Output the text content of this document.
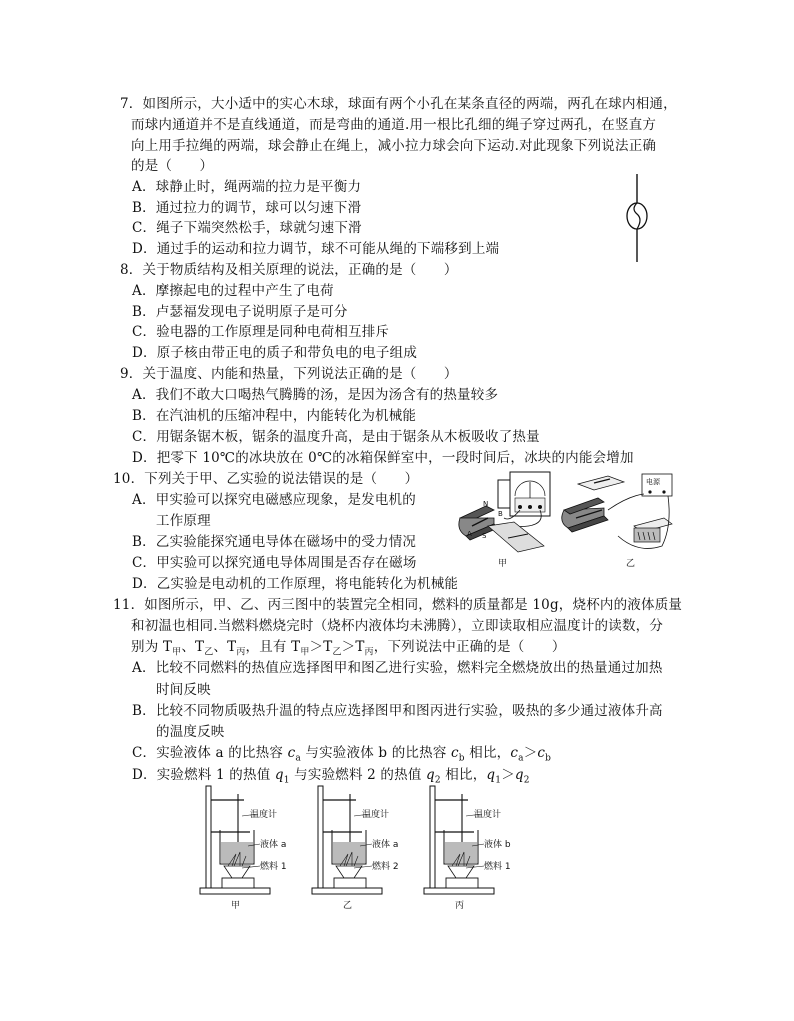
7．如图所示，大小适中的实心木球，球面有两个小孔在某条直径的两端，两孔在球内相通，
而球内通道并不是直线通道，而是弯曲的通道.用一根比孔细的绳子穿过两孔，在竖直方
向上用手拉绳的两端，球会静止在绳上，减小拉力球会向下运动.对此现象下列说法正确
的是（　　）
A．球静止时，绳两端的拉力是平衡力
B．通过拉力的调节，球可以匀速下滑
C．绳子下端突然松手，球就匀速下滑
D．通过手的运动和拉力调节，球不可能从绳的下端移到上端
8．关于物质结构及相关原理的说法，正确的是（　　）
A．摩擦起电的过程中产生了电荷
B．卢瑟福发现电子说明原子是可分
C．验电器的工作原理是同种电荷相互排斥
D．原子核由带正电的质子和带负电的电子组成
9．关于温度、内能和热量，下列说法正确的是（　　）
A．我们不敢大口喝热气腾腾的汤，是因为汤含有的热量较多
B．在汽油机的压缩冲程中，内能转化为机械能
C．用锯条锯木板，锯条的温度升高，是由于锯条从木板吸收了热量
D．把零下 10℃的冰块放在 0℃的冰箱保鲜室中，一段时间后，冰块的内能会增加
10．下列关于甲、乙实验的说法错误的是（　　）
A．甲实验可以探究电磁感应现象，是发电机的
工作原理
B．乙实验能探究通电导体在磁场中的受力情况
C．甲实验可以探究通电导体周围是否存在磁场
D．乙实验是电动机的工作原理，将电能转化为机械能
N
S
A
B
甲
电源
乙
11．如图所示，甲、乙、丙三图中的装置完全相同，燃料的质量都是 10g，烧杯内的液体质量
和初温也相同.当燃料燃烧完时（烧杯内液体均未沸腾），立即读取相应温度计的读数，分
别为 $T_甲$、$T_乙$、$T_丙$，且有 $T_甲>T_乙>T_丙$，下列说法中正确的是（　　）
A．比较不同燃料的热值应选择图甲和图乙进行实验，燃料完全燃烧放出的热量通过加热
时间反映
B．比较不同物质吸热升温的特点应选择图甲和图丙进行实验，吸热的多少通过液体升高
的温度反映
C．实验液体 a 的比热容 $c_a$ 与实验液体 b 的比热容 $c_b$ 相比，$c_a>c_b$
D．实验燃料 1 的热值 $q_1$ 与实验燃料 2 的热值 $q_2$ 相比，$q_1>q_2$
温度计
液体 a
燃料 1
甲
温度计
液体 a
燃料 2
乙
温度计
液体 b
燃料 1
丙
